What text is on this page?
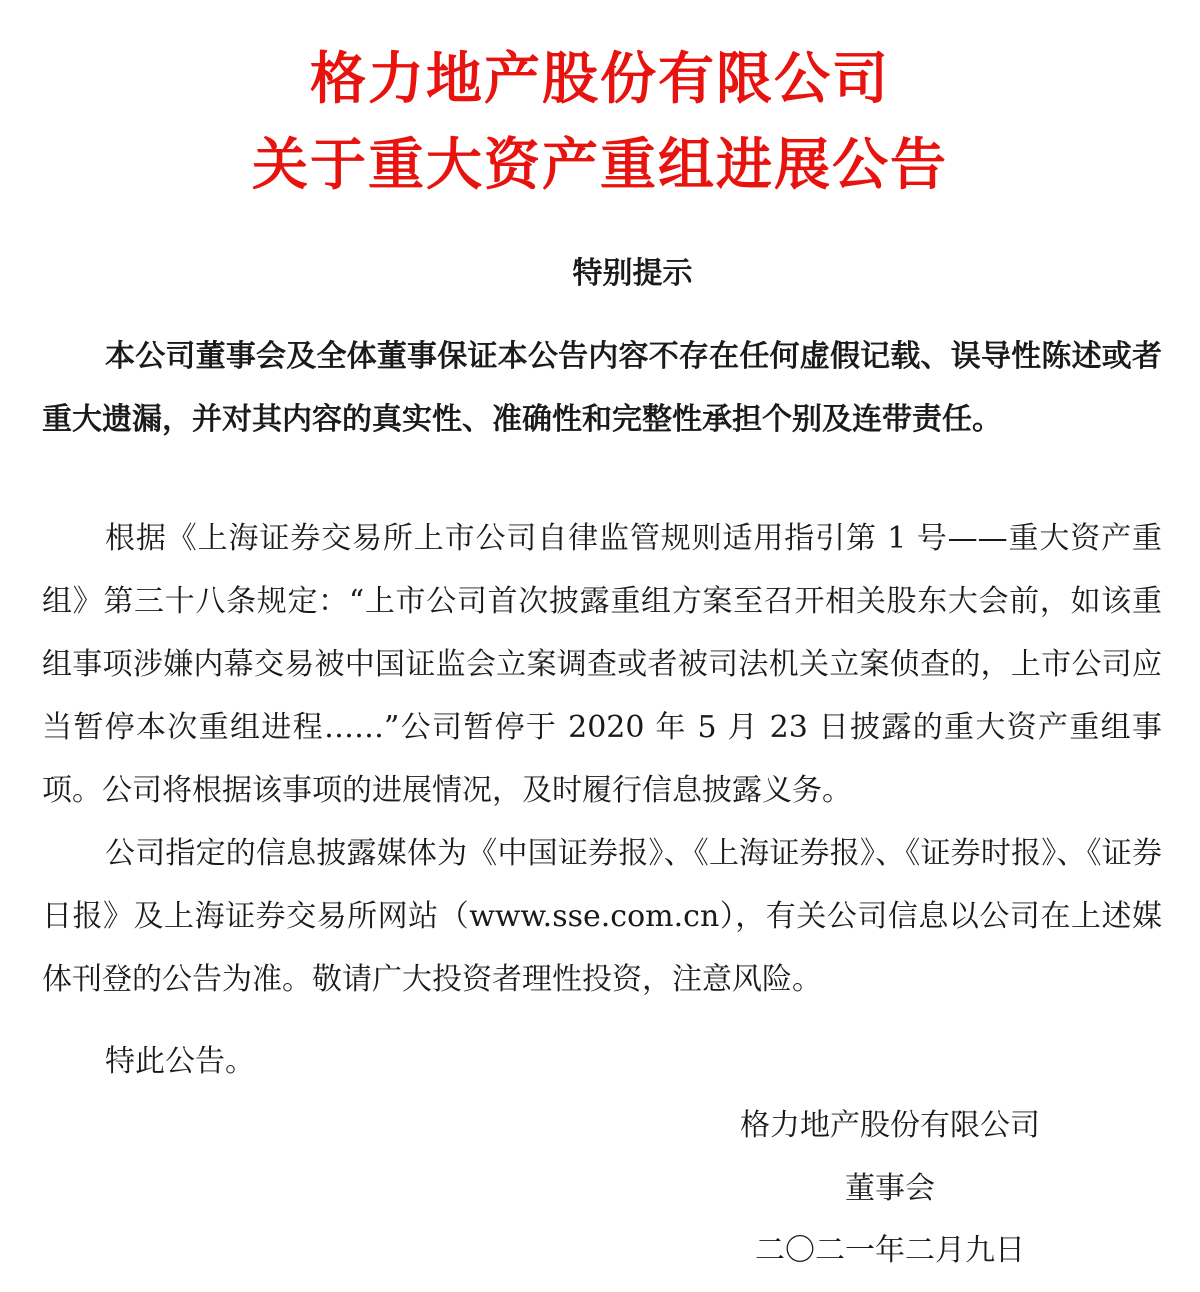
格力地产股份有限公司
关于重大资产重组进展公告
特别提示

本公司董事会及全体董事保证本公告内容不存在任何虚假记载、误导性陈述或者重大遗漏，并对其内容的真实性、准确性和完整性承担个别及连带责任。

根据《上海证券交易所上市公司自律监管规则适用指引第 1 号——重大资产重组》第三十八条规定：“上市公司首次披露重组方案至召开相关股东大会前，如该重组事项涉嫌内幕交易被中国证监会立案调查或者被司法机关立案侦查的，上市公司应当暂停本次重组进程……”公司暂停于 2020 年 5 月 23 日披露的重大资产重组事项。公司将根据该事项的进展情况，及时履行信息披露义务。

公司指定的信息披露媒体为《中国证券报》、《上海证券报》、《证券时报》、《证券日报》及上海证券交易所网站（www.sse.com.cn），有关公司信息以公司在上述媒体刊登的公告为准。敬请广大投资者理性投资，注意风险。

特此公告。

格力地产股份有限公司
董事会
二〇二一年二月九日
